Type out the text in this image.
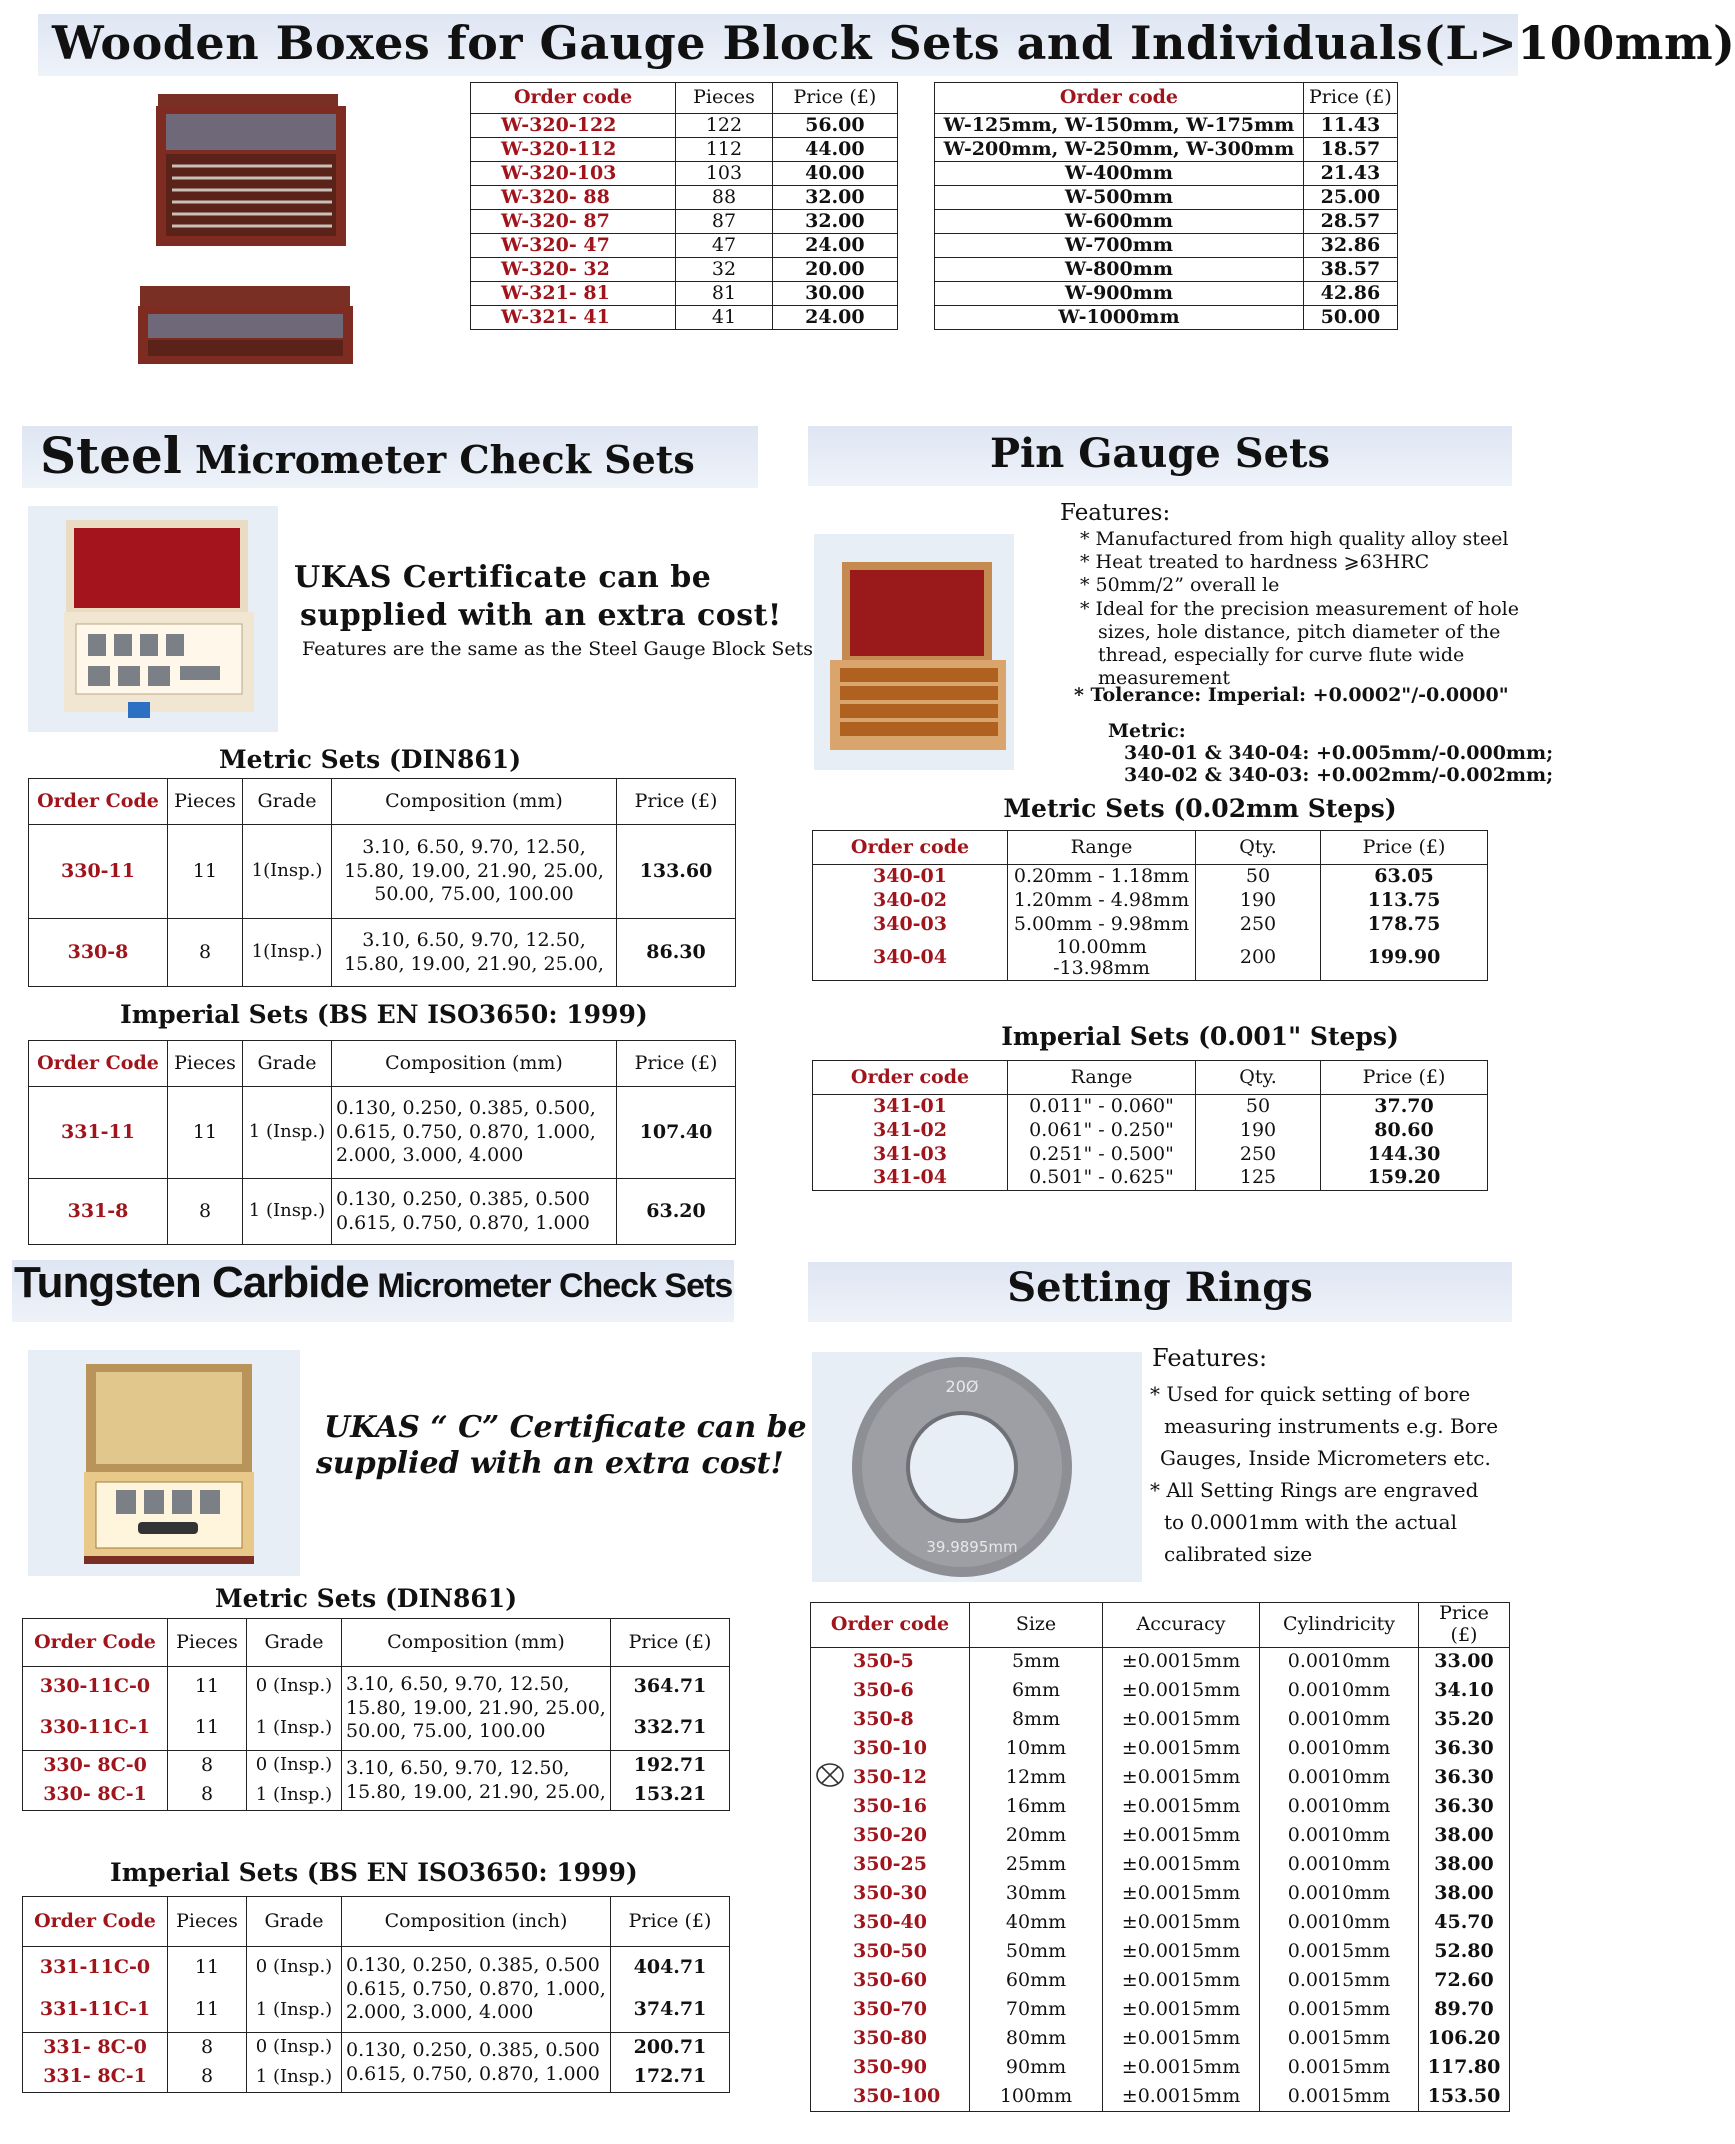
Wooden Boxes for Gauge Block Sets and Individuals(L>100mm)
Order code	Pieces	Price (£)
W-320-122	122	56.00
W-320-112	112	44.00
W-320-103	103	40.00
W-320- 88	88	32.00
W-320- 87	87	32.00
W-320- 47	47	24.00
W-320- 32	32	20.00
W-321- 81	81	30.00
W-321- 41	41	24.00
Order code	Price (£)
W-125mm, W-150mm, W-175mm	11.43
W-200mm, W-250mm, W-300mm	18.57
W-400mm	21.43
W-500mm	25.00
W-600mm	28.57
W-700mm	32.86
W-800mm	38.57
W-900mm	42.86
W-1000mm	50.00
Steel Micrometer Check Sets
UKAS Certificate can be
supplied with an extra cost!
Features are the same as the Steel Gauge Block Sets
Metric Sets (DIN861)
Order Code	Pieces	Grade	Composition (mm)	Price (£)
330-11	11	1(Insp.)	3.10, 6.50, 9.70, 12.50,
15.80, 19.00, 21.90, 25.00,
50.00, 75.00, 100.00	133.60
330-8	8	1(Insp.)	3.10, 6.50, 9.70, 12.50,
15.80, 19.00, 21.90, 25.00,	86.30
Imperial Sets (BS EN ISO3650: 1999)
Order Code	Pieces	Grade	Composition (mm)	Price (£)
331-11	11	1 (Insp.)	0.130, 0.250, 0.385, 0.500,
0.615, 0.750, 0.870, 1.000,
2.000, 3.000, 4.000	107.40
331-8	8	1 (Insp.)	0.130, 0.250, 0.385, 0.500
0.615, 0.750, 0.870, 1.000	63.20
Tungsten Carbide Micrometer Check Sets
UKAS “ C” Certificate can be
supplied with an extra cost!
Metric Sets (DIN861)
Order Code	Pieces	Grade	Composition (mm)	Price (£)
330-11C-0	11	0 (Insp.)	3.10, 6.50, 9.70, 12.50,
15.80, 19.00, 21.90, 25.00,
50.00, 75.00, 100.00	364.71
330-11C-1	11	1 (Insp.)		332.71
330- 8C-0	8	0 (Insp.)	3.10, 6.50, 9.70, 12.50,
15.80, 19.00, 21.90, 25.00,	192.71
330- 8C-1	8	1 (Insp.)		153.21
Imperial Sets (BS EN ISO3650: 1999)
Order Code	Pieces	Grade	Composition (inch)	Price (£)
331-11C-0	11	0 (Insp.)	0.130, 0.250, 0.385, 0.500
0.615, 0.750, 0.870, 1.000,
2.000, 3.000, 4.000	404.71
331-11C-1	11	1 (Insp.)		374.71
331- 8C-0	8	0 (Insp.)	0.130, 0.250, 0.385, 0.500
0.615, 0.750, 0.870, 1.000	200.71
331- 8C-1	8	1 (Insp.)		172.71
Pin Gauge Sets
Features:

* Manufactured from high quality alloy steel

* Heat treated to hardness ⩾63HRC

* 50mm/2” overall le

* Ideal for the precision measurement of hole

sizes, hole distance, pitch diameter of the

thread, especially for curve flute wide

measurement

* Tolerance: Imperial: +0.0002"/-0.0000"
Metric:
340-01 & 340-04: +0.005mm/-0.000mm;
340-02 & 340-03: +0.002mm/-0.002mm;
Metric Sets (0.02mm Steps)
Order code	Range	Qty.	Price (£)
340-01	0.20mm - 1.18mm	50	63.05
340-02	1.20mm - 4.98mm	190	113.75
340-03	5.00mm - 9.98mm	250	178.75
340-04	10.00mm -13.98mm	200	199.90
Imperial Sets (0.001" Steps)
Order code	Range	Qty.	Price (£)
341-01	0.011" - 0.060"	50	37.70
341-02	0.061" - 0.250"	190	80.60
341-03	0.251" - 0.500"	250	144.30
341-04	0.501" - 0.625"	125	159.20
Setting Rings
20Ø
39.9895mm
Features:

* Used for quick setting of bore

measuring instruments e.g. Bore

Gauges, Inside Micrometers etc.

* All Setting Rings are engraved

to 0.0001mm with the actual

calibrated size

Order code	Size	Accuracy	Cylindricity	Price (£)
350-5	5mm	±0.0015mm	0.0010mm	33.00
350-6	6mm	±0.0015mm	0.0010mm	34.10
350-8	8mm	±0.0015mm	0.0010mm	35.20
350-10	10mm	±0.0015mm	0.0010mm	36.30
350-12	12mm	±0.0015mm	0.0010mm	36.30
350-16	16mm	±0.0015mm	0.0010mm	36.30
350-20	20mm	±0.0015mm	0.0010mm	38.00
350-25	25mm	±0.0015mm	0.0010mm	38.00
350-30	30mm	±0.0015mm	0.0010mm	38.00
350-40	40mm	±0.0015mm	0.0010mm	45.70
350-50	50mm	±0.0015mm	0.0015mm	52.80
350-60	60mm	±0.0015mm	0.0015mm	72.60
350-70	70mm	±0.0015mm	0.0015mm	89.70
350-80	80mm	±0.0015mm	0.0015mm	106.20
350-90	90mm	±0.0015mm	0.0015mm	117.80
350-100	100mm	±0.0015mm	0.0015mm	153.50
